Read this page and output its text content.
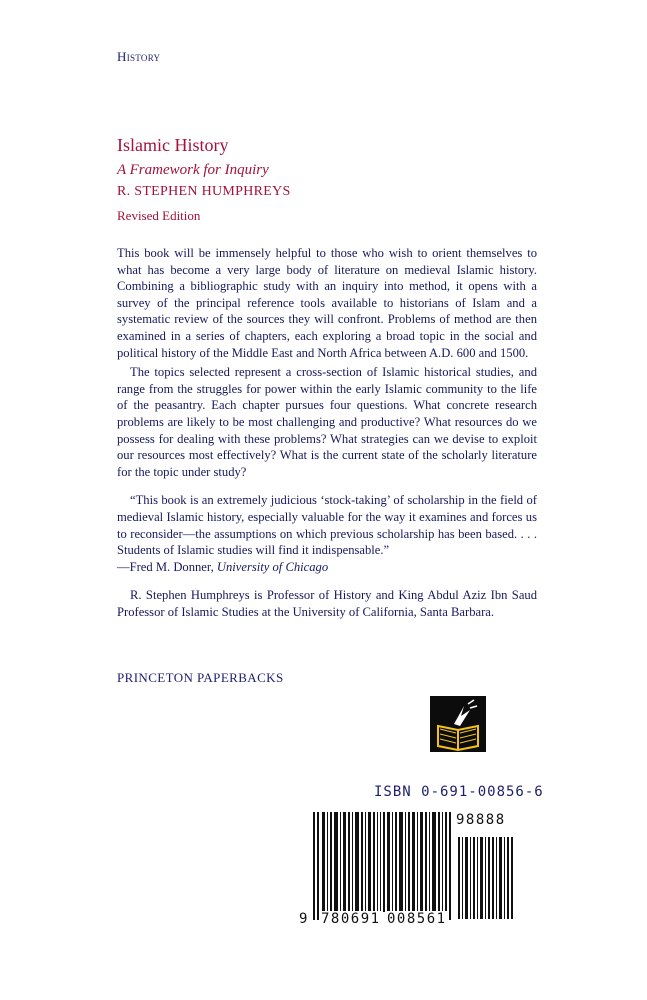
History
Islamic History
A Framework for Inquiry
R. STEPHEN HUMPHREYS
Revised Edition

This book will be immensely helpful to those who wish to orient themselves to what has become a very large body of literature on medieval Islamic history. Combining a bibliographic study with an inquiry into method, it opens with a survey of the principal reference tools available to historians of Islam and a systematic review of the sources they will confront. Problems of method are then examined in a series of chapters, each exploring a broad topic in the social and political history of the Middle East and North Africa between A.D. 600 and 1500.

The topics selected represent a cross-section of Islamic historical studies, and range from the struggles for power within the early Islamic community to the life of the peasantry. Each chapter pursues four questions. What concrete research problems are likely to be most challenging and productive? What resources do we possess for dealing with these problems? What strategies can we devise to exploit our resources most effectively? What is the current state of the scholarly literature for the topic under study?

“This book is an extremely judicious ‘stock-taking’ of scholarship in the field of medieval Islamic history, especially valuable for the way it examines and forces us to reconsider—the assumptions on which previous scholarship has been based. . . . Students of Islamic studies will find it indispensable.”

—Fred M. Donner, University of Chicago

R. Stephen Humphreys is Professor of History and King Abdul Aziz Ibn Saud Professor of Islamic Studies at the University of California, Santa Barbara.

PRINCETON PAPERBACKS
ISBN 0-691-00856-6
98888
9 780691 008561
